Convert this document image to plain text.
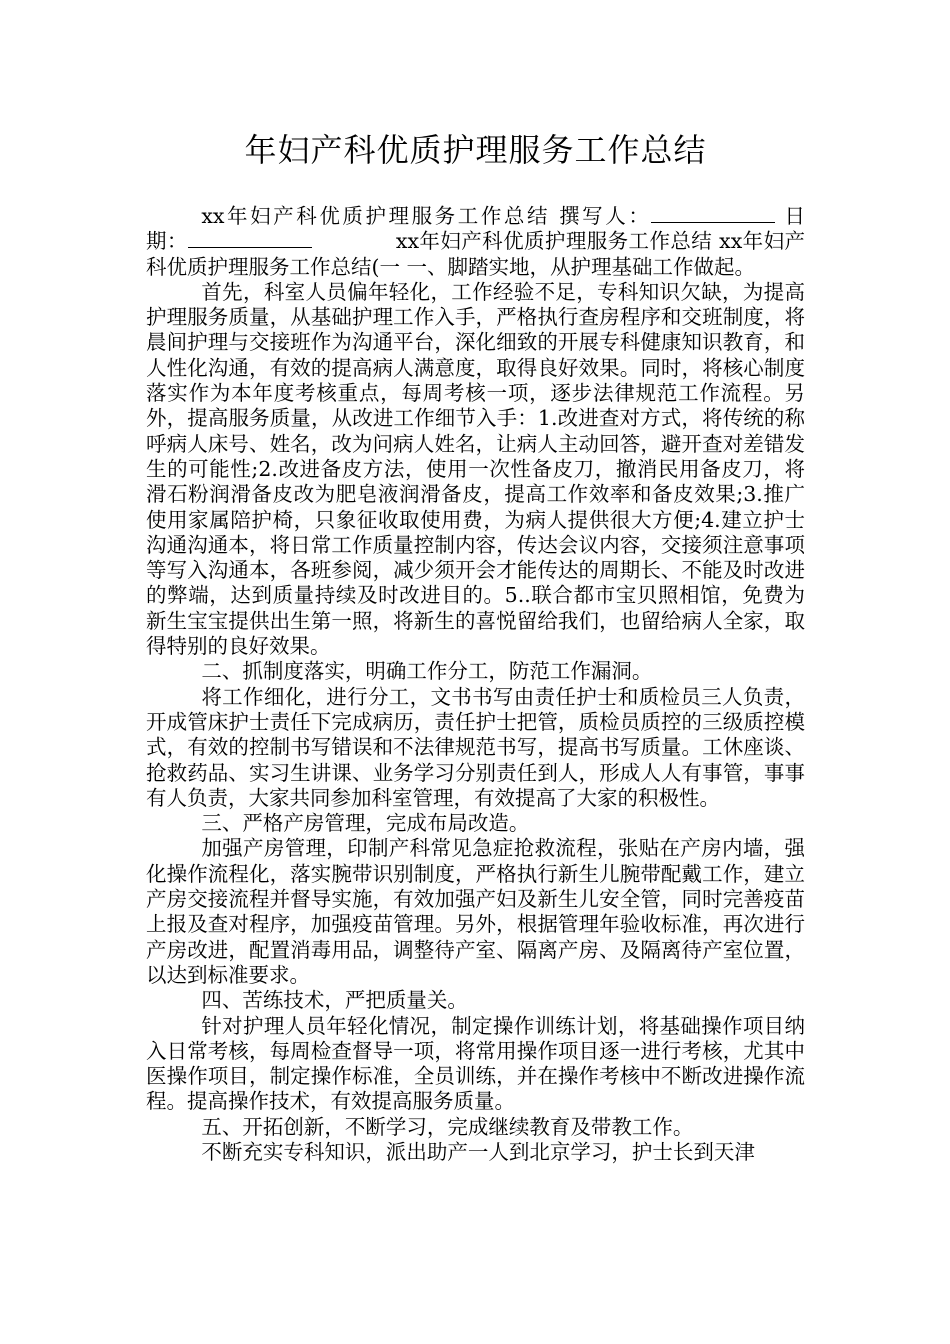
年妇产科优质护理服务工作总结

xx年妇产科优质护理服务工作总结 撰写人：	日　期：	　　　　xx年妇产科优质护理服务工作总结 xx年妇产科优质护理服务工作总结(一 一、脚踏实地，从护理基础工作做起。

首先，科室人员偏年轻化，工作经验不足，专科知识欠缺，为提高护理服务质量，从基础护理工作入手，严格执行查房程序和交班制度，将晨间护理与交接班作为沟通平台，深化细致的开展专科健康知识教育，和人性化沟通，有效的提高病人满意度，取得良好效果。同时，将核心制度落实作为本年度考核重点，每周考核一项，逐步法律规范工作流程。另外，提高服务质量，从改进工作细节入手：1.改进查对方式，将传统的称呼病人床号、姓名，改为问病人姓名，让病人主动回答，避开查对差错发生的可能性;2.改进备皮方法，使用一次性备皮刀，撤消民用备皮刀，将滑石粉润滑备皮改为肥皂液润滑备皮，提高工作效率和备皮效果;3.推广使用家属陪护椅，只象征收取使用费，为病人提供很大方便;4.建立护士沟通沟通本，将日常工作质量控制内容，传达会议内容，交接须注意事项等写入沟通本，各班参阅，减少须开会才能传达的周期长、不能及时改进的弊端，达到质量持续及时改进目的。5..联合都市宝贝照相馆，免费为新生宝宝提供出生第一照，将新生的喜悦留给我们，也留给病人全家，取得特别的良好效果。

二、抓制度落实，明确工作分工，防范工作漏洞。

将工作细化，进行分工，文书书写由责任护士和质检员三人负责，开成管床护士责任下完成病历，责任护士把管，质检员质控的三级质控模式，有效的控制书写错误和不法律规范书写，提高书写质量。工休座谈、抢救药品、实习生讲课、业务学习分别责任到人，形成人人有事管，事事有人负责，大家共同参加科室管理，有效提高了大家的积极性。

三、严格产房管理，完成布局改造。

加强产房管理，印制产科常见急症抢救流程，张贴在产房内墙，强化操作流程化，落实腕带识别制度，严格执行新生儿腕带配戴工作，建立产房交接流程并督导实施，有效加强产妇及新生儿安全管，同时完善疫苗上报及查对程序，加强疫苗管理。另外，根据管理年验收标准，再次进行产房改进，配置消毒用品，调整待产室、隔离产房、及隔离待产室位置，以达到标准要求。

四、苦练技术，严把质量关。

针对护理人员年轻化情况，制定操作训练计划，将基础操作项目纳入日常考核，每周检查督导一项，将常用操作项目逐一进行考核，尤其中医操作项目，制定操作标准，全员训练，并在操作考核中不断改进操作流程。提高操作技术，有效提高服务质量。

五、开拓创新，不断学习，完成继续教育及带教工作。

不断充实专科知识，派出助产一人到北京学习，护士长到天津
